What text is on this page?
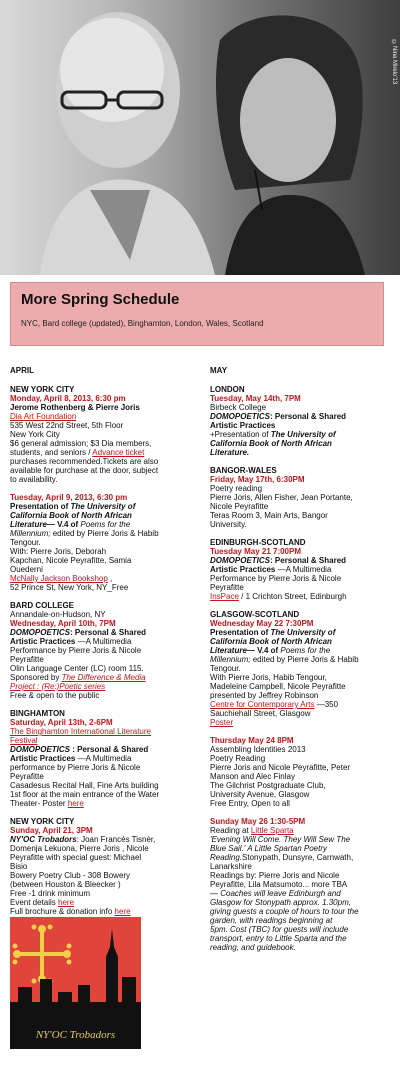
©Nina Mirelo'13
More Spring Schedule
NYC, Bard college (updated), Binghamton, London, Wales, Scotland
APRIL
NEW YORK CITY
Monday, April 8, 2013, 6:30 pm
Jerome Rothenberg & Pierre Joris
Dia Art Foundation
535 West 22nd Street, 5th Floor
New York City
$6 general admission; $3 Dia members,
students, and seniors / Advance ticket
purchases recommended.Tickets are also
available for purchase at the door, subject
to availability.
Tuesday, April 9, 2013, 6:30 pm
Presentation of The University of
California Book of North African
Literature— V.4 of Poems for the
Millennium; edited by Pierre Joris & Habib
Tengour.
With: Pierre Joris, Deborah
Kapchan, Nicole Peyrafitte, Samia
Ouederni
McNally Jackson Bookshop ,
52 Prince St, New York, NY_Free
BARD COLLEGE
Annandale-on-Hudson, NY
Wednesday, April 10th, 7PM
DOMOPOETICS: Personal & Shared
Artistic Practices —A Multimedia
Performance by Pierre Joris & Nicole
Peyrafitte
Olin Language Center (LC) room 115.
Sponsored by The Difference & Media
Project : (Re:)Poetic series
Free & open to the public
BINGHAMTON
Saturday, April 13th, 2-6PM
The Binghamton International Literature
Festival
DOMOPOETICS : Personal & Shared
Artistic Practices —A Multimedia
performance by Pierre Joris & Nicole
Peyrafitte
Casadesus Recital Hall, Fine Arts building
1st floor at the main entrance of the Water
Theater- Poster here
NEW YORK CITY
Sunday, April 21, 3PM
NY'OC Trobadors: Joan Francés Tisnèr,
Domenja Lekuona, Pierre Joris , Nicole
Peyrafitte with special guest: Michael
Bisio
Bowery Poetry Club - 308 Bowery
(between Houston & Bleecker )
Free -1 drink minimum
Event details here
Full brochure & donation info here
NY'OC Trobadors
MAY
LONDON
Tuesday, May 14th, 7PM
Birbeck College
DOMOPOETICS: Personal & Shared
Artistic Practices
+Presentation of The University of
California Book of North African
Literature.
BANGOR-WALES
Friday, May 17th, 6:30PM
Poetry reading
Pierre Joris, Allen Fisher, Jean Portante,
Nicole Peyrafitte
Teras Room 3, Main Arts, Bangor
University.
EDINBURGH-SCOTLAND
Tuesday May 21 7:00PM
DOMOPOETICS: Personal & Shared
Artistic Practices —A Multimedia
Performance by Pierre Joris & Nicole
Peyrafitte
InsPace / 1 Crichton Street, Edinburgh
GLASGOW-SCOTLAND
Wednesday May 22 7:30PM
Presentation of The University of
California Book of North African
Literature— V.4 of Poems for the
Millennium; edited by Pierre Joris & Habib
Tengour.
With Pierre Joris, Habib Tengour,
Madeleine Campbell, Nicole Peyrafitte
presented by Jeffrey Robinson
Centre for Contemporary Arts —350
Sauchiehall Street, Glasgow
Poster
Thursday May 24 8PM
Assembling Identities 2013
Poetry Reading
Pierre Joris and Nicole Peyrafitte, Peter
Manson and Alec Finlay
The Gilchrist Postgraduate Club,
University Avenue, Glasgow
Free Entry, Open to all
Sunday May 26 1:30-5PM
Reading at Little Sparta
'Evening Will Come. They Will Sew The
Blue Sail.' A Little Spartan Poetry
Reading.Stonypath, Dunsyre, Carnwath,
Lanarkshire
Readings by: Pierre Joris and Nicole
Peyrafitte, Lila Matsumoto... more TBA
— Coaches will leave Edinburgh and
Glasgow for Stonypath approx. 1.30pm,
giving guests a couple of hours to tour the
garden, with readings beginning at
5pm. Cost (TBC) for guests will include
transport, entry to Little Sparta and the
reading, and guidebook.
